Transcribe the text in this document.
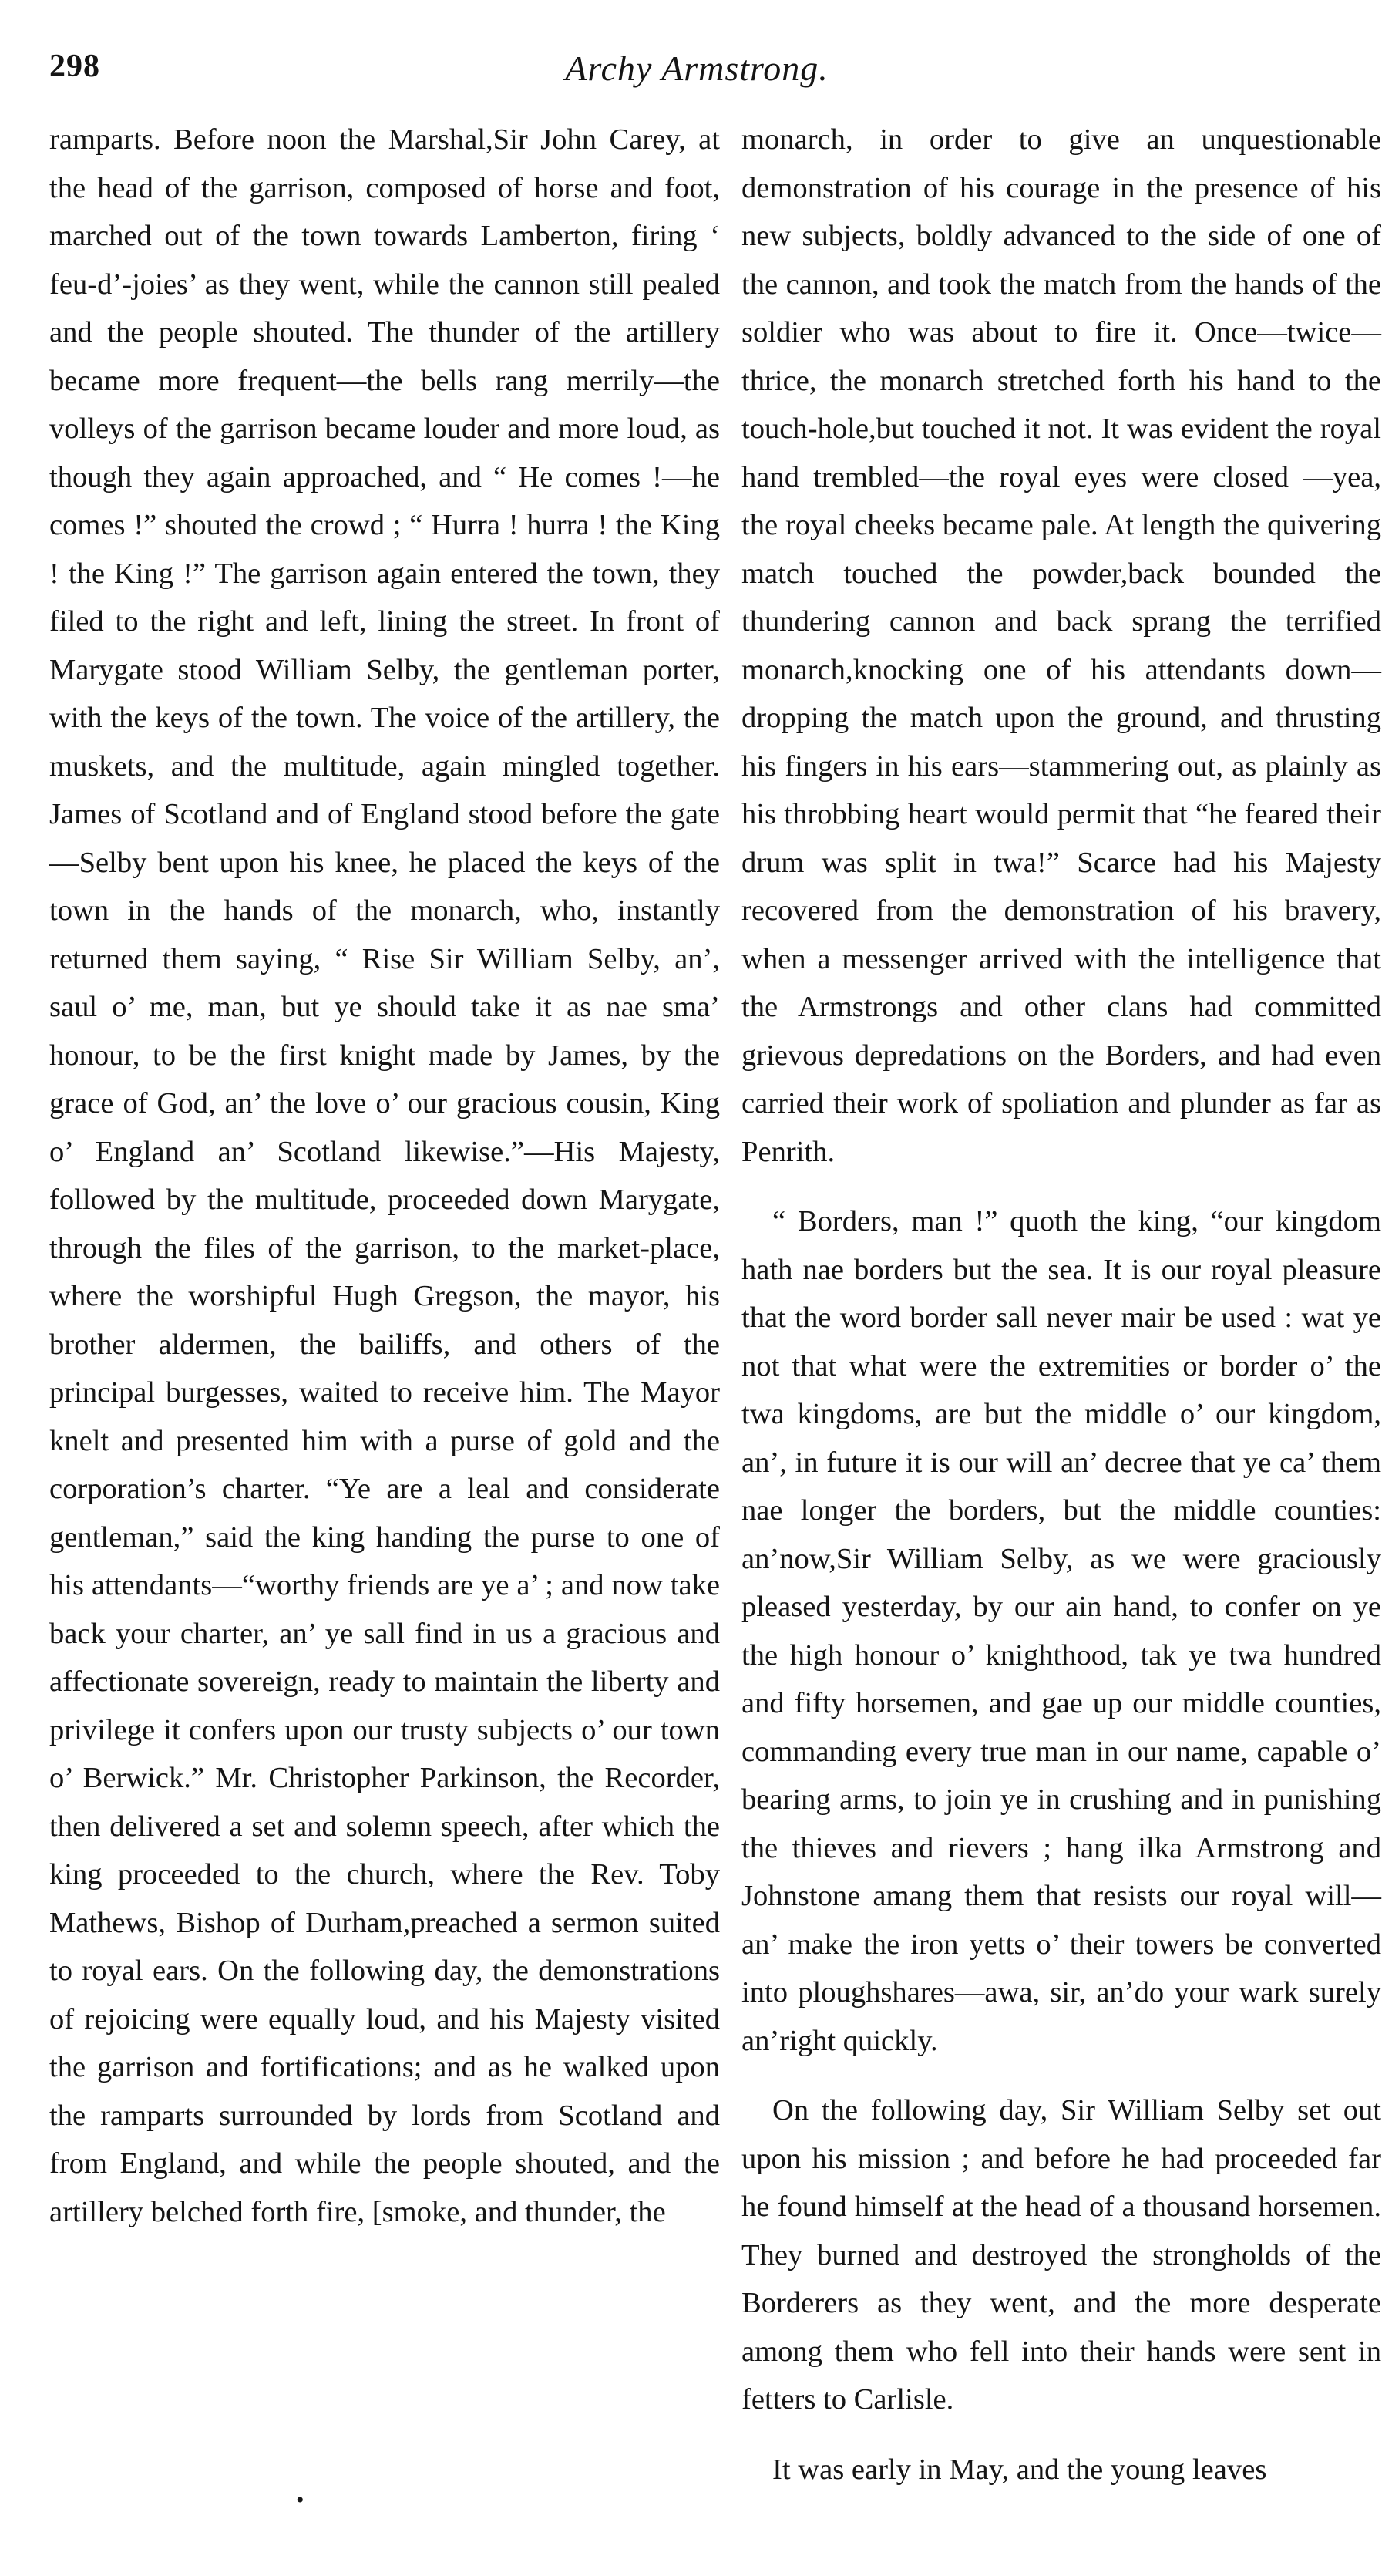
298	Archy Armstrong.

ramparts. Before noon the Marshal,Sir John Carey, at the head of the garrison, composed of horse and foot, marched out of the town towards Lamberton, firing ‘ feu-d’-joies’ as they went, while the cannon still pealed and the people shouted. The thunder of the artillery became more frequent—the bells rang merrily—the volleys of the garrison became louder and more loud, as though they again approached, and “ He comes !—he comes !” shouted the crowd ; “ Hurra ! hurra ! the King ! the King !” The garrison again entered the town, they filed to the right and left, lining the street. In front of Marygate stood William Selby, the gentleman porter, with the keys of the town. The voice of the artillery, the muskets, and the multitude, again mingled together. James of Scotland and of England stood before the gate—Selby bent upon his knee, he placed the keys of the town in the hands of the monarch, who, instantly returned them saying, “ Rise Sir William Selby, an’, saul o’ me, man, but ye should take it as nae sma’ honour, to be the first knight made by James, by the grace of God, an’ the love o’ our gracious cousin, King o’ England an’ Scotland likewise.”—His Majesty, followed by the multitude, proceeded down Marygate, through the files of the garrison, to the market-place, where the worshipful Hugh Gregson, the mayor, his brother aldermen, the bailiffs, and others of the principal burgesses, waited to receive him. The Mayor knelt and presented him with a purse of gold and the corporation’s charter. “Ye are a leal and considerate gentleman,” said the king handing the purse to one of his attendants—“worthy friends are ye a’ ; and now take back your charter, an’ ye sall find in us a gracious and affectionate sovereign, ready to maintain the liberty and privilege it confers upon our trusty subjects o’ our town o’ Berwick.” Mr. Christopher Parkinson, the Recorder, then delivered a set and solemn speech, after which the king proceeded to the church, where the Rev. Toby Mathews, Bishop of Durham,preached a sermon suited to royal ears. On the following day, the demonstrations of rejoicing were equally loud, and his Majesty visited the garrison and fortifications; and as he walked upon the ramparts surrounded by lords from Scotland and from England, and while the people shouted, and the artillery belched forth fire, [smoke, and thunder, the

monarch, in order to give an unquestionable demonstration of his courage in the presence of his new subjects, boldly advanced to the side of one of the cannon, and took the match from the hands of the soldier who was about to fire it. Once—twice—thrice, the monarch stretched forth his hand to the touch-hole,but touched it not. It was evident the royal hand trembled—the royal eyes were closed —yea, the royal cheeks became pale. At length the quivering match touched the powder,back bounded the thundering cannon and back sprang the terrified monarch,knocking one of his attendants down—dropping the match upon the ground, and thrusting his fingers in his ears—stammering out, as plainly as his throbbing heart would permit that “he feared their drum was split in twa!” Scarce had his Majesty recovered from the demonstration of his bravery, when a messenger arrived with the intelligence that the Armstrongs and other clans had committed grievous depredations on the Borders, and had even carried their work of spoliation and plunder as far as Penrith.

“ Borders, man !” quoth the king, “our kingdom hath nae borders but the sea. It is our royal pleasure that the word border sall never mair be used : wat ye not that what were the extremities or border o’ the twa kingdoms, are but the middle o’ our kingdom, an’, in future it is our will an’ decree that ye ca’ them nae longer the borders, but the middle counties: an’now,Sir William Selby, as we were graciously pleased yesterday, by our ain hand, to confer on ye the high honour o’ knighthood, tak ye twa hundred and fifty horsemen, and gae up our middle counties, commanding every true man in our name, capable o’ bearing arms, to join ye in crushing and in punishing the thieves and rievers ; hang ilka Armstrong and Johnstone amang them that resists our royal will—an’ make the iron yetts o’ their towers be converted into ploughshares—awa, sir, an’do your wark surely an’right quickly.

On the following day, Sir William Selby set out upon his mission ; and before he had proceeded far he found himself at the head of a thousand horsemen. They burned and destroyed the strongholds of the Borderers as they went, and the more desperate among them who fell into their hands were sent in fetters to Carlisle.

It was early in May, and the young leaves

•
